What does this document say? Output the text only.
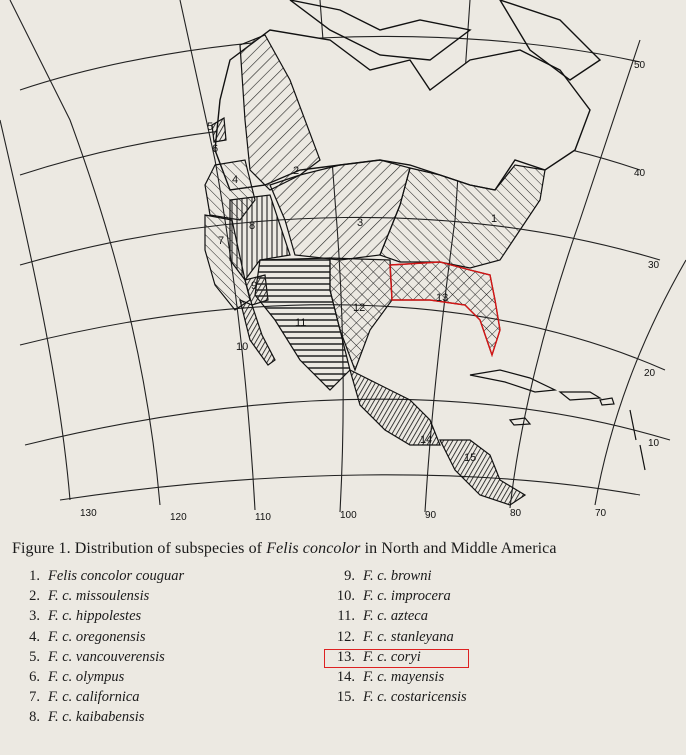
1
2
3
4
5
6
7
8
9
10
11
12
13
14
15
130	120	110	100	90	80	70
50
40
30
20
10
Figure 1. Distribution of subspecies of Felis concolor in North and Middle America
1. Felis concolor couguar
2. F. c. missoulensis
3. F. c. hippolestes
4. F. c. oregonensis
5. F. c. vancouverensis
6. F. c. olympus
7. F. c. californica
8. F. c. kaibabensis
9. F. c. browni
10. F. c. improcera
11. F. c. azteca
12. F. c. stanleyana
13. F. c. coryi
14. F. c. mayensis
15. F. c. costaricensis
